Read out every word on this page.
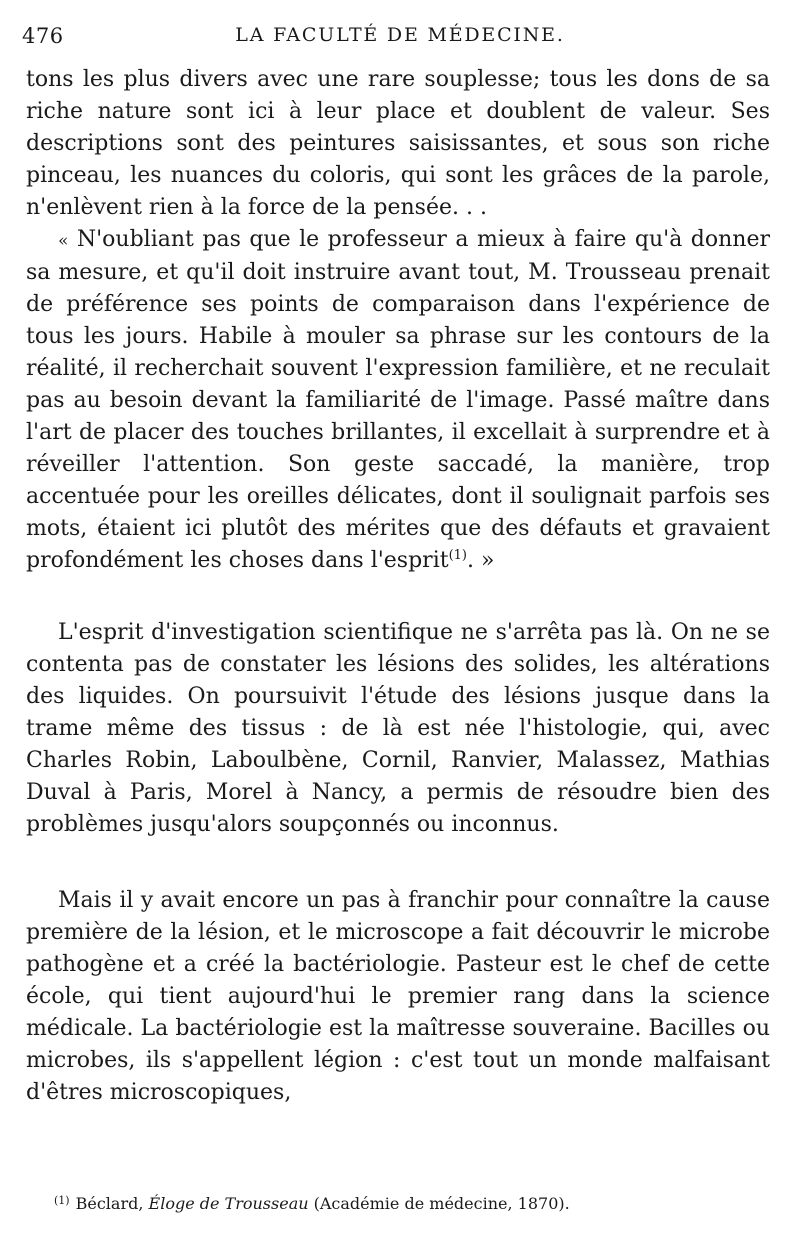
476	LA FACULTÉ DE MÉDECINE.

tons les plus divers avec une rare souplesse; tous les dons de sa riche nature sont ici à leur place et doublent de valeur. Ses descriptions sont des peintures saisissantes, et sous son riche pinceau, les nuances du coloris, qui sont les grâces de la parole, n'enlèvent rien à la force de la pensée. . .

« N'oubliant pas que le professeur a mieux à faire qu'à donner sa mesure, et qu'il doit instruire avant tout, M. Trousseau prenait de préférence ses points de comparaison dans l'expérience de tous les jours. Habile à mouler sa phrase sur les contours de la réalité, il recherchait souvent l'expression familière, et ne reculait pas au besoin devant la familiarité de l'image. Passé maître dans l'art de placer des touches brillantes, il excellait à surprendre et à réveiller l'attention. Son geste saccadé, la manière, trop accentuée pour les oreilles délicates, dont il soulignait parfois ses mots, étaient ici plutôt des mérites que des défauts et gravaient profondément les choses dans l'esprit$^{(1)}$. »

L'esprit d'investigation scientifique ne s'arrêta pas là. On ne se contenta pas de constater les lésions des solides, les altérations des liquides. On poursuivit l'étude des lésions jusque dans la trame même des tissus : de là est née l'histologie, qui, avec Charles Robin, Laboulbène, Cornil, Ranvier, Malassez, Mathias Duval à Paris, Morel à Nancy, a permis de résoudre bien des problèmes jusqu'alors soupçonnés ou inconnus.

Mais il y avait encore un pas à franchir pour connaître la cause première de la lésion, et le microscope a fait découvrir le microbe pathogène et a créé la bactériologie. Pasteur est le chef de cette école, qui tient aujourd'hui le premier rang dans la science médicale. La bactériologie est la maîtresse souveraine. Bacilles ou microbes, ils s'appellent légion : c'est tout un monde malfaisant d'êtres microscopiques,

$^{(1)}$ Béclard, Éloge de Trousseau (Académie de médecine, 1870).
